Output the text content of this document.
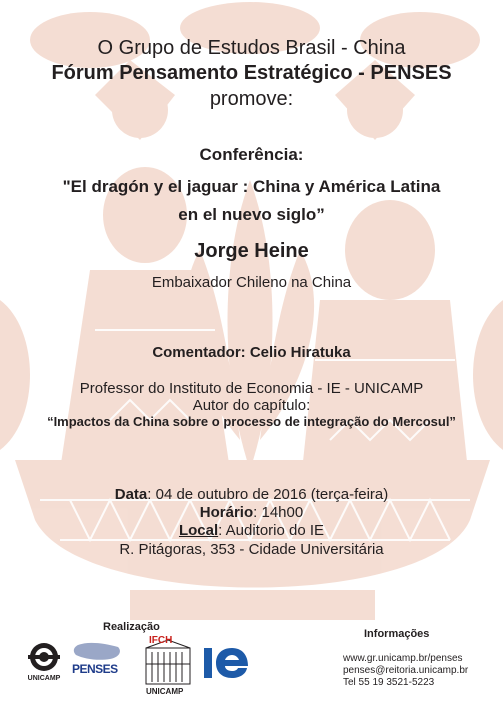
O Grupo de Estudos Brasil - China
Fórum Pensamento Estratégico - PENSES
promove:
Conferência:
"El dragón y el jaguar : China y América Latina
en el nuevo siglo”
Jorge Heine
Embaixador Chileno na China
Comentador: Celio Hiratuka
Professor do Instituto de Economia - IE - UNICAMP
Autor do capítulo:
“Impactos da China sobre o processo de integração do Mercosul”
Data: 04 de outubro de 2016 (terça-feira)
Horário: 14h00
Local: Auditorio do IE
R. Pitágoras, 353 - Cidade Universitária
Realização
UNICAMP
PENSES
IFCH
UNICAMP
Informações
www.gr.unicamp.br/penses
penses@reitoria.unicamp.br
Tel 55 19 3521-5223
